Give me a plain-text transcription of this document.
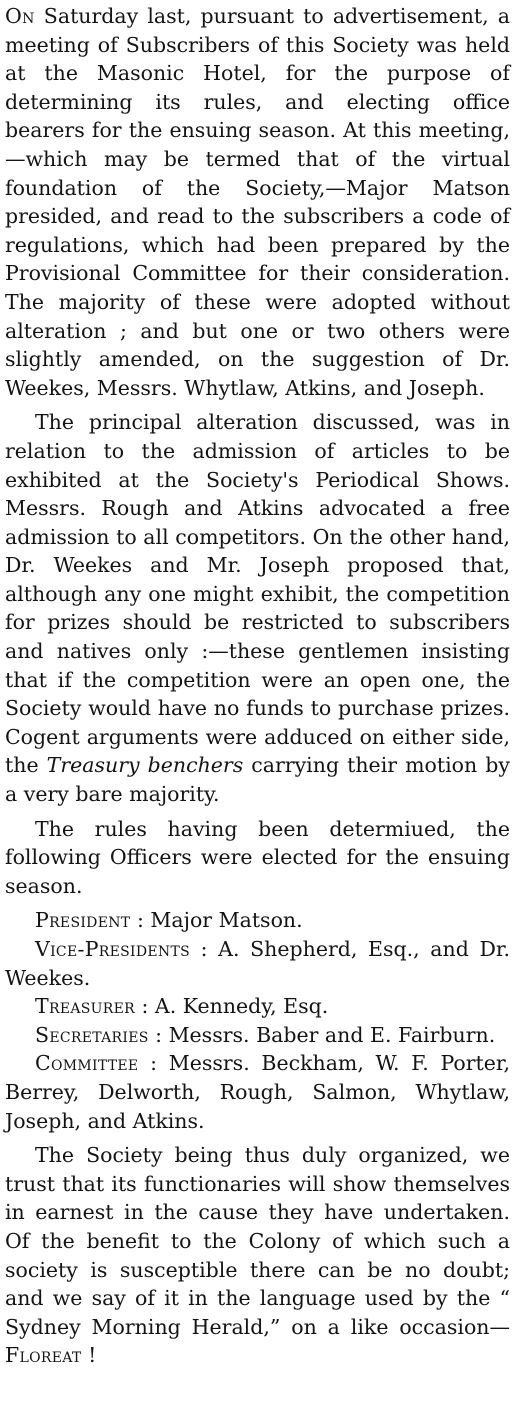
On Saturday last, pursuant to advertisement, a meeting of Subscribers of this Society was held at the Masonic Hotel, for the purpose of determining its rules, and electing office bearers for the ensuing season. At this meeting,—which may be termed that of the virtual foundation of the Society,—Major Matson presided, and read to the subscribers a code of regulations, which had been prepared by the Provisional Committee for their consideration. The majority of these were adopted without alteration ; and but one or two others were slightly amended, on the suggestion of Dr. Weekes, Messrs. Whytlaw, Atkins, and Joseph.

The principal alteration discussed, was in relation to the admission of articles to be exhibited at the Society's Periodical Shows. Messrs. Rough and Atkins advocated a free admission to all competitors. On the other hand, Dr. Weekes and Mr. Joseph proposed that, although any one might exhibit, the competition for prizes should be restricted to subscribers and natives only :—these gentlemen insisting that if the competition were an open one, the Society would have no funds to purchase prizes. Cogent arguments were adduced on either side, the Treasury benchers carrying their motion by a very bare majority.

The rules having been determiued, the following Officers were elected for the ensuing season.

President : Major Matson.

Vice-Presidents : A. Shepherd, Esq., and Dr. Weekes.

Treasurer : A. Kennedy, Esq.

Secretaries : Messrs. Baber and E. Fairburn.

Committee : Messrs. Beckham, W. F. Porter, Berrey, Delworth, Rough, Salmon, Whytlaw, Joseph, and Atkins.

The Society being thus duly organized, we trust that its functionaries will show themselves in earnest in the cause they have undertaken. Of the benefit to the Colony of which such a society is susceptible there can be no doubt; and we say of it in the language used by the “ Sydney Morning Herald,” on a like occasion—Floreat !
